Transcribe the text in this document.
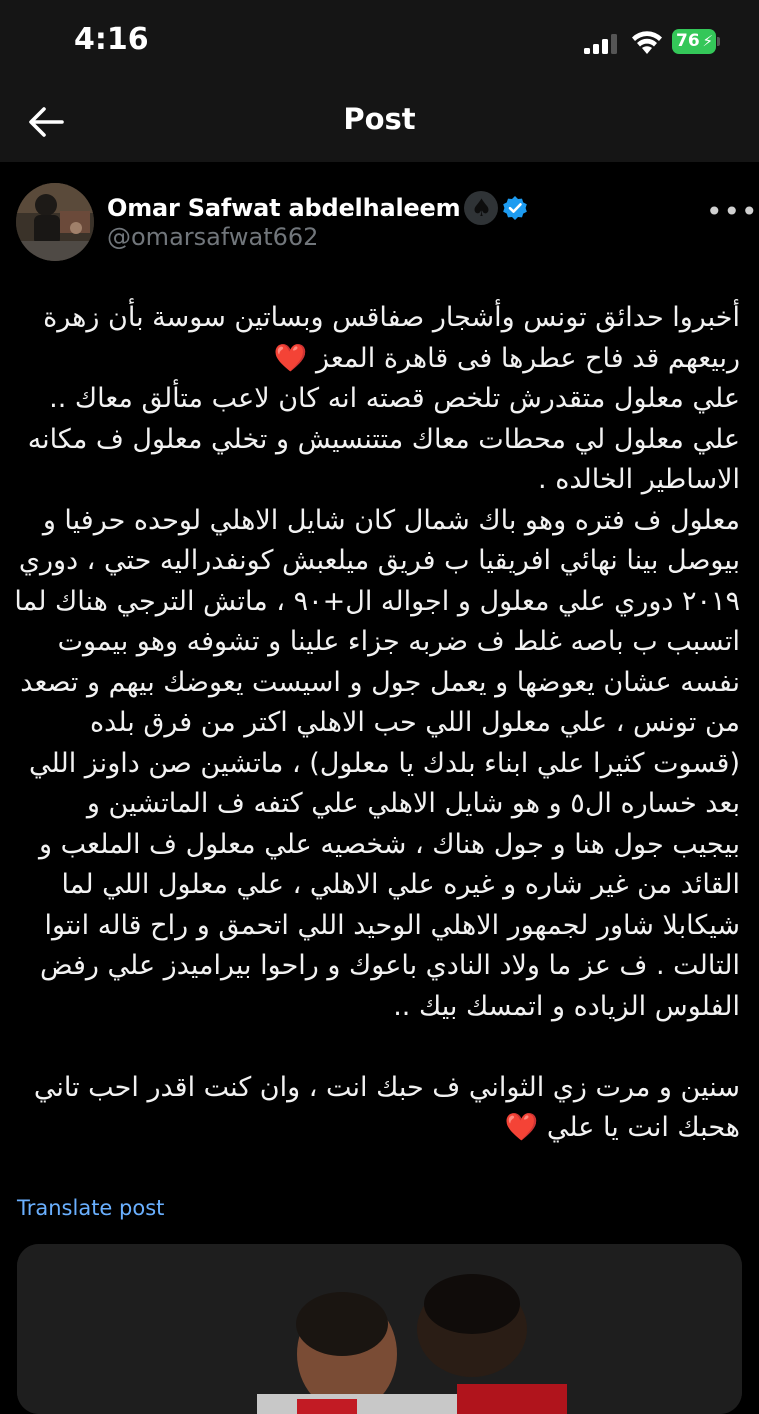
4:16	76 ⚡
Post
Omar Safwat abdelhaleem ♠
@omarsafwat662
•••
أخبروا حدائق تونس وأشجار صفاقس وبساتين سوسة بأن زهرة ربيعهم قد فاح عطرها فى قاهرة المعز ❤️
علي معلول متقدرش تلخص قصته انه كان لاعب متألق معاك ..
علي معلول لي محطات معاك متتنسيش و تخلي معلول ف مكانه الاساطير الخالده .
معلول ف فتره وهو باك شمال كان شايل الاهلي لوحده حرفيا و بيوصل بينا نهائي افريقيا ب فريق ميلعبش كونفدراليه حتي ، دوري ٢٠١٩ دوري علي معلول و اجواله ال+٩٠ ، ماتش الترجي هناك لما اتسبب ب باصه غلط ف ضربه جزاء علينا و تشوفه وهو بيموت نفسه عشان يعوضها و يعمل جول و اسيست يعوضك بيهم و تصعد من تونس ، علي معلول اللي حب الاهلي اكتر من فرق بلده (قسوت كثيرا علي ابناء بلدك يا معلول) ، ماتشين صن داونز اللي بعد خساره ال٥ و هو شايل الاهلي علي كتفه ف الماتشين و بيجيب جول هنا و جول هناك ، شخصيه علي معلول ف الملعب و القائد من غير شاره و غيره علي الاهلي ، علي معلول اللي لما شيكابلا شاور لجمهور الاهلي الوحيد اللي اتحمق و راح قاله انتوا التالت . ف عز ما ولاد النادي باعوك و راحوا بيراميدز علي رفض الفلوس الزياده و اتمسك بيك ..

سنين و مرت زي الثواني ف حبك انت ، وان كنت اقدر احب تاني هحبك انت يا علي ❤️
Translate post
